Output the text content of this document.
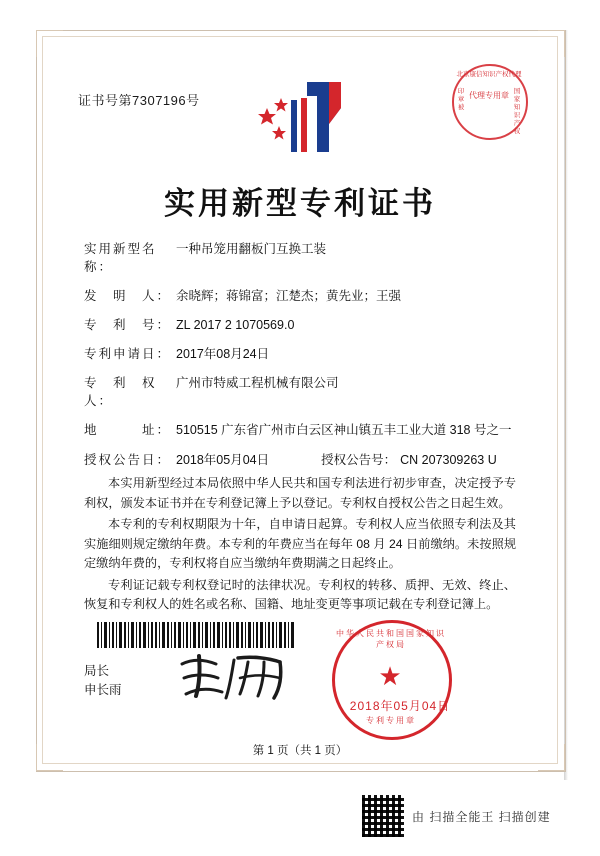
证书号第7307196号
北京康信知识产权代理
印章被
国家知识产权
代理专用章
实用新型专利证书
实用新型名称：
一种吊笼用翻板门互换工装
发　明　人： 余晓辉；蒋锦富；江楚杰；黄先业；王强
专　利　号： ZL 2017 2 1070569.0
专利申请日： 2017年08月24日
专　利　权　人：
广州市特威工程机械有限公司
地　　　址： 510515 广东省广州市白云区神山镇五丰工业大道 318 号之一
授权公告日： 2018年05月04日	授权公告号： CN 207309263 U

本实用新型经过本局依照中华人民共和国专利法进行初步审查，决定授予专利权，颁发本证书并在专利登记簿上予以登记。专利权自授权公告之日起生效。

本专利的专利权期限为十年，自申请日起算。专利权人应当依照专利法及其实施细则规定缴纳年费。本专利的年费应当在每年 08 月 24 日前缴纳。未按照规定缴纳年费的，专利权将自应当缴纳年费期满之日起终止。

专利证记载专利权登记时的法律状况。专利权的转移、质押、无效、终止、恢复和专利权人的姓名或名称、国籍、地址变更等事项记载在专利登记簿上。

局长
申长雨
中华人民共和国国家知识产权局
★
专利专用章
2018年05月04日
第 1 页（共 1 页）
由 扫描全能王 扫描创建
